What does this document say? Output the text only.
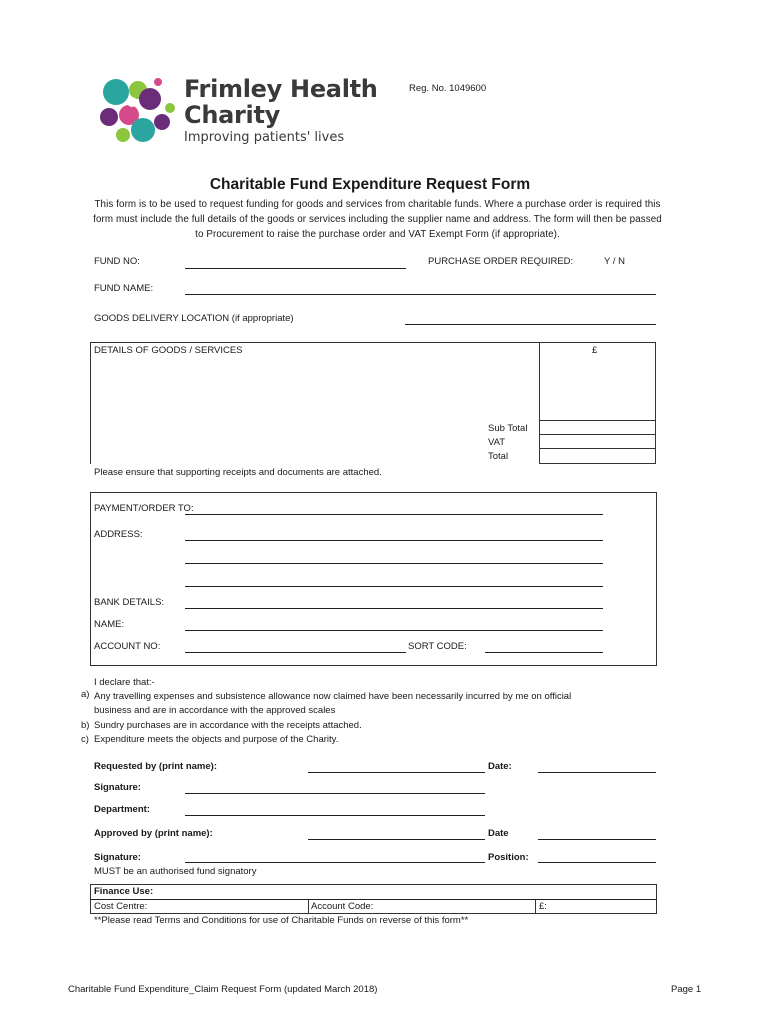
Frimley Health
Charity
Improving patients' lives
Reg. No. 1049600
Charitable Fund Expenditure Request Form
This form is to be used to request funding for goods and services from charitable funds. Where a purchase order is required this form must include the full details of the goods or services including the supplier name and address. The form will then be passed to Procurement to raise the purchase order and VAT Exempt Form (if appropriate).
FUND NO:	PURCHASE ORDER REQUIRED:	Y / N
FUND NAME:
GOODS DELIVERY LOCATION (if appropriate)
DETAILS OF GOODS / SERVICES	£
Sub Total
VAT
Total
Please ensure that supporting receipts and documents are attached.
PAYMENT/ORDER TO:
ADDRESS:
BANK DETAILS:
NAME:
ACCOUNT NO:	SORT CODE:
I declare that:-
a) Any travelling expenses and subsistence allowance now claimed have been necessarily incurred by me on official
business and are in accordance with the approved scales
b) Sundry purchases are in accordance with the receipts attached.
c) Expenditure meets the objects and purpose of the Charity.
Requested by (print name):	Date:
Signature:
Department:
Approved by (print name):	Date
Signature:	Position:
MUST be an authorised fund signatory
Finance Use:
Cost Centre:	Account Code:	£:
**Please read Terms and Conditions for use of Charitable Funds on reverse of this form**
Charitable Fund Expenditure_Claim Request Form (updated March 2018)	Page 1
